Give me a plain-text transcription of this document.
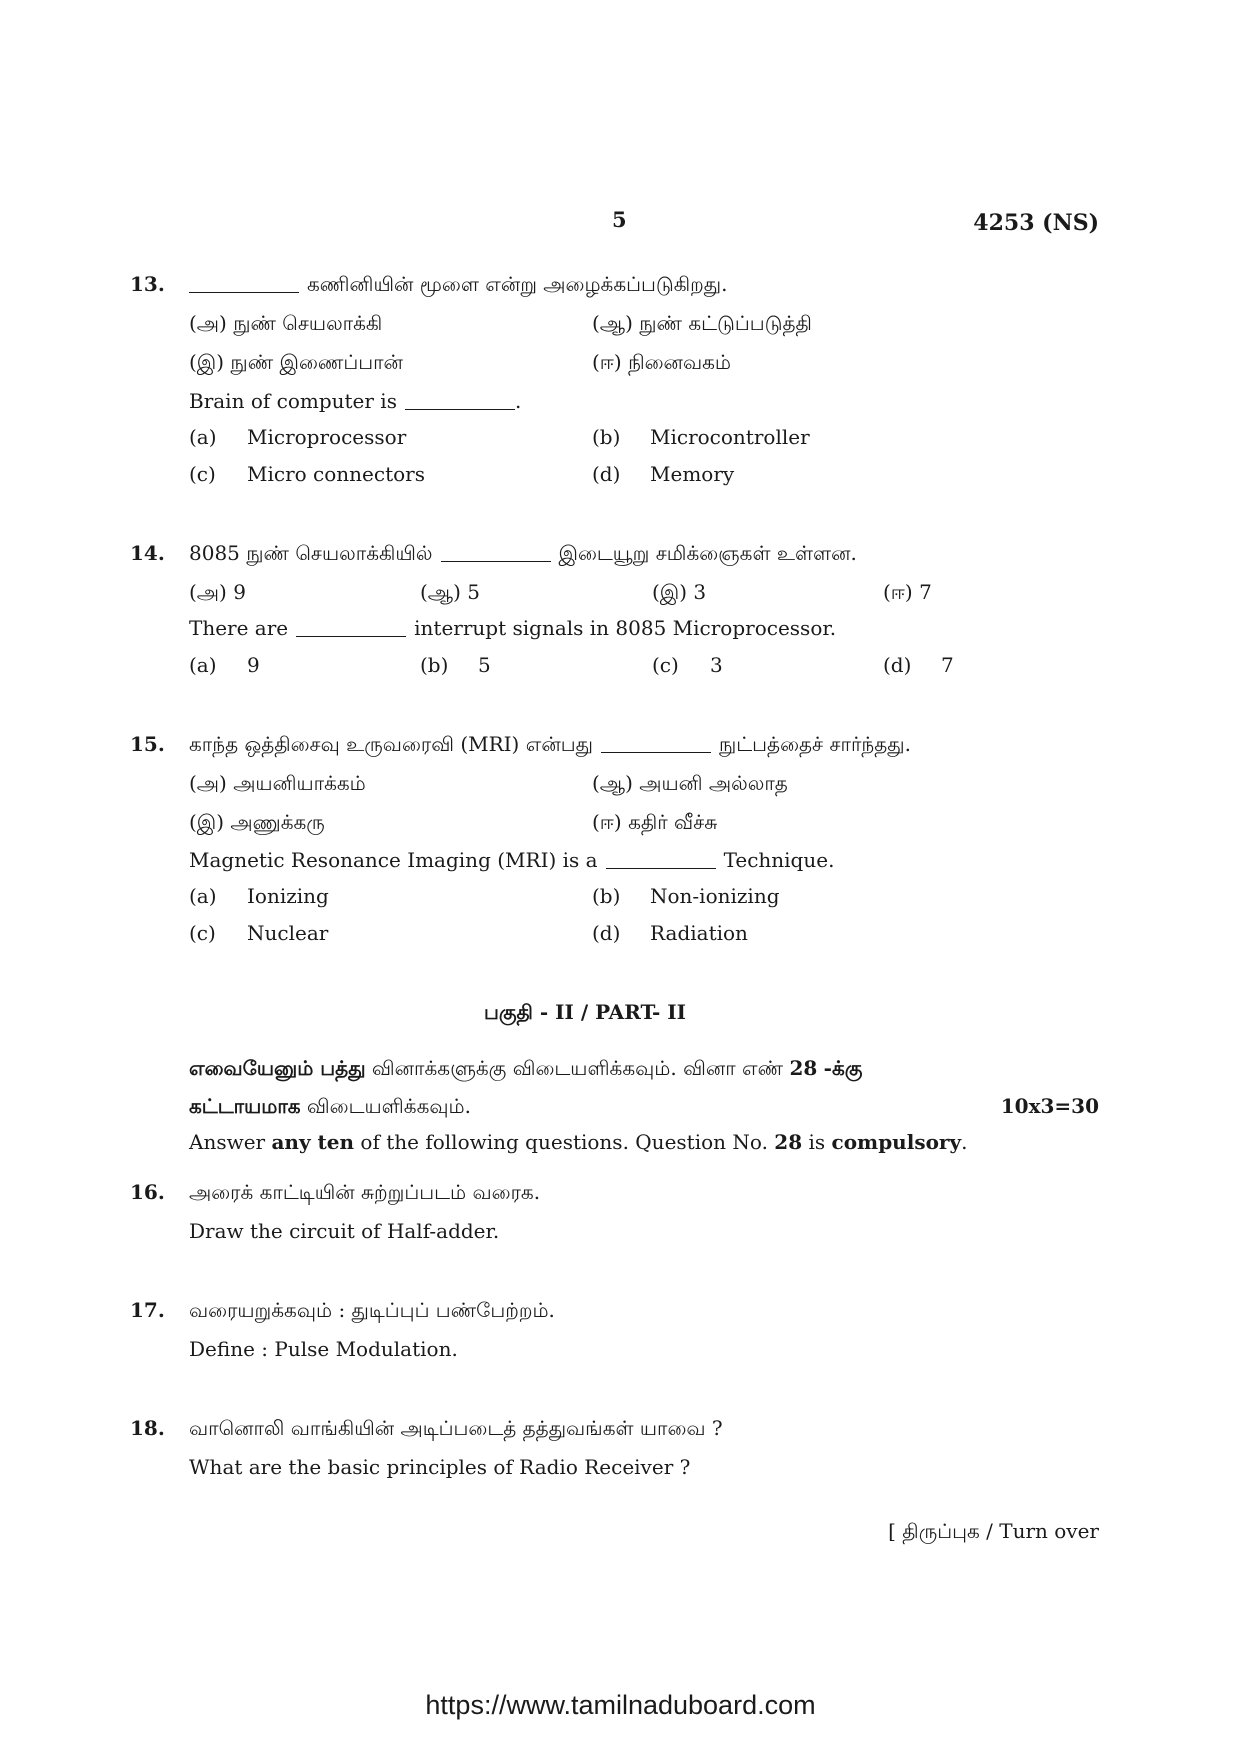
5	4253 (NS)
13.	கணினியின் மூளை என்று அழைக்கப்படுகிறது.
(அ) நுண் செயலாக்கி	(ஆ) நுண் கட்டுப்படுத்தி
(இ) நுண் இணைப்பான்	(ஈ) நினைவகம்
Brain of computer is	.
(a) Microprocessor	(b) Microcontroller
(c) Micro connectors	(d) Memory
14. 8085 நுண் செயலாக்கியில்	இடையூறு சமிக்ஞைகள் உள்ளன.
(அ) 9	(ஆ) 5	(இ) 3	(ஈ) 7
There are	interrupt signals in 8085 Microprocessor.
(a) 9	(b) 5	(c) 3	(d) 7
15. காந்த ஒத்திசைவு உருவரைவி (MRI) என்பது	நுட்பத்தைச் சார்ந்தது.
(அ) அயனியாக்கம்	(ஆ) அயனி அல்லாத
(இ) அணுக்கரு	(ஈ) கதிர் வீச்சு
Magnetic Resonance Imaging (MRI) is a	Technique.
(a) Ionizing	(b) Non-ionizing
(c) Nuclear	(d) Radiation
பகுதி - II / PART- II
எவையேனும் பத்து வினாக்களுக்கு விடையளிக்கவும். வினா எண் 28 -க்கு
கட்டாயமாக விடையளிக்கவும்.	10x3=30
Answer any ten of the following questions. Question No. 28 is compulsory.
16. அரைக் காட்டியின் சுற்றுப்படம் வரைக.
Draw the circuit of Half-adder.
17. வரையறுக்கவும் : துடிப்புப் பண்பேற்றம்.
Define : Pulse Modulation.
18. வானொலி வாங்கியின் அடிப்படைத் தத்துவங்கள் யாவை ?
What are the basic principles of Radio Receiver ?
[ திருப்புக / Turn over
https://www.tamilnaduboard.com
